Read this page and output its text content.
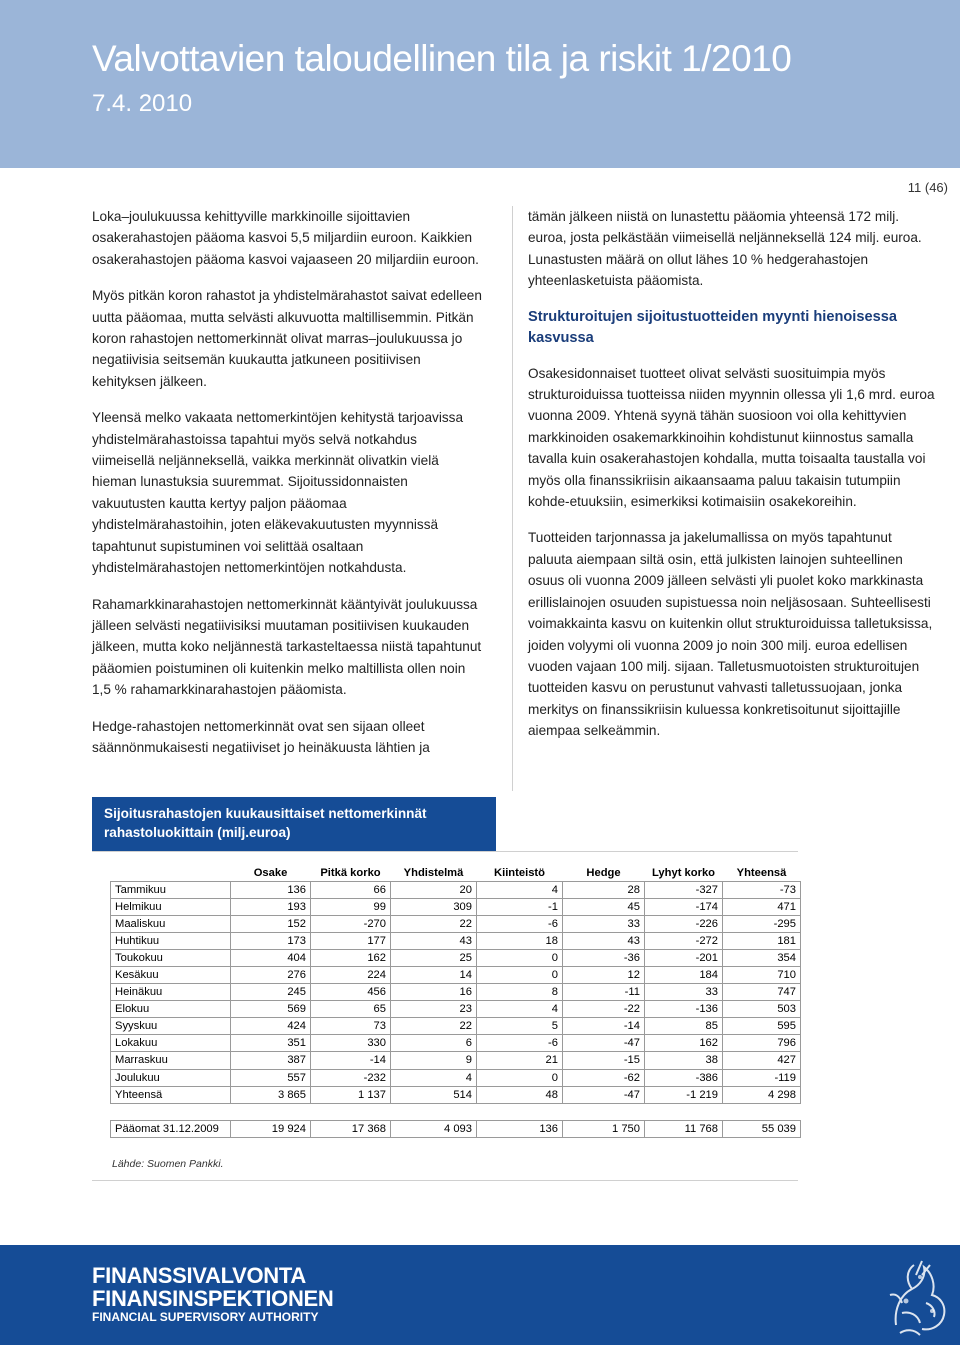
Valvottavien taloudellinen tila ja riskit 1/2010
7.4. 2010
11 (46)

Loka–joulukuussa kehittyville markkinoille sijoittavien osakerahastojen pääoma kasvoi 5,5 miljardiin euroon. Kaikkien osakerahastojen pääoma kasvoi vajaaseen 20 miljardiin euroon.

Myös pitkän koron rahastot ja yhdistelmärahastot saivat edelleen uutta pääomaa, mutta selvästi alkuvuotta maltillisemmin. Pitkän koron rahastojen nettomerkinnät olivat marras–joulukuussa jo negatiivisia seitsemän kuukautta jatkuneen positiivisen kehityksen jälkeen.

Yleensä melko vakaata nettomerkintöjen kehitystä tarjoavissa yhdistelmärahastoissa tapahtui myös selvä notkahdus viimeisellä neljänneksellä, vaikka merkinnät olivatkin vielä hieman lunastuksia suuremmat. Sijoitussidonnaisten vakuutusten kautta kertyy paljon pääomaa yhdistelmärahastoihin, joten eläkevakuutusten myynnissä tapahtunut supistuminen voi selittää osaltaan yhdistelmärahastojen nettomerkintöjen notkahdusta.

Rahamarkkinarahastojen nettomerkinnät kääntyivät joulukuussa jälleen selvästi negatiivisiksi muutaman positiivisen kuukauden jälkeen, mutta koko neljännestä tarkasteltaessa niistä tapahtunut pääomien poistuminen oli kuitenkin melko maltillista ollen noin 1,5 % rahamarkkinarahastojen pääomista.

Hedge-rahastojen nettomerkinnät ovat sen sijaan olleet säännönmukaisesti negatiiviset jo heinäkuusta lähtien ja

tämän jälkeen niistä on lunastettu pääomia yhteensä 172 milj. euroa, josta pelkästään viimeisellä neljänneksellä 124 milj. euroa. Lunastusten määrä on ollut lähes 10 % hedgerahastojen yhteenlasketuista pääomista.

Strukturoitujen sijoitustuotteiden myynti hienoisessa kasvussa

Osakesidonnaiset tuotteet olivat selvästi suosituimpia myös strukturoiduissa tuotteissa niiden myynnin ollessa yli 1,6 mrd. euroa vuonna 2009. Yhtenä syynä tähän suosioon voi olla kehittyvien markkinoiden osakemarkkinoihin kohdistunut kiinnostus samalla tavalla kuin osakerahastojen kohdalla, mutta toisaalta taustalla voi myös olla finanssikriisin aikaansaama paluu takaisin tutumpiin kohde-etuuksiin, esimerkiksi kotimaisiin osakekoreihin.

Tuotteiden tarjonnassa ja jakelumallissa on myös tapahtunut paluuta aiempaan siltä osin, että julkisten lainojen suhteellinen osuus oli vuonna 2009 jälleen selvästi yli puolet koko markkinasta erillislainojen osuuden supistuessa noin neljäsosaan. Suhteellisesti voimakkainta kasvu on kuitenkin ollut strukturoiduissa talletuksissa, joiden volyymi oli vuonna 2009 jo noin 300 milj. euroa edellisen vuoden vajaan 100 milj. sijaan. Talletusmuotoisten strukturoitujen tuotteiden kasvu on perustunut vahvasti talletussuojaan, jonka merkitys on finanssikriisin kuluessa konkretisoitunut sijoittajille aiempaa selkeämmin.

Sijoitusrahastojen kuukausittaiset nettomerkinnät rahastoluokittain (milj.euroa)
	Osake	Pitkä korko	Yhdistelmä	Kiinteistö	Hedge	Lyhyt korko	Yhteensä
Tammikuu	136	66	20	4	28	-327	-73
Helmikuu	193	99	309	-1	45	-174	471
Maaliskuu	152	-270	22	-6	33	-226	-295
Huhtikuu	173	177	43	18	43	-272	181
Toukokuu	404	162	25	0	-36	-201	354
Kesäkuu	276	224	14	0	12	184	710
Heinäkuu	245	456	16	8	-11	33	747
Elokuu	569	65	23	4	-22	-136	503
Syyskuu	424	73	22	5	-14	85	595
Lokakuu	351	330	6	-6	-47	162	796
Marraskuu	387	-14	9	21	-15	38	427
Joulukuu	557	-232	4	0	-62	-386	-119
Yhteensä	3 865	1 137	514	48	-47	-1 219	4 298

Pääomat 31.12.2009	19 924	17 368	4 093	136	1 750	11 768	55 039
Lähde: Suomen Pankki.
FINANSSIVALVONTA
FINANSINSPEKTIONEN
FINANCIAL SUPERVISORY AUTHORITY
